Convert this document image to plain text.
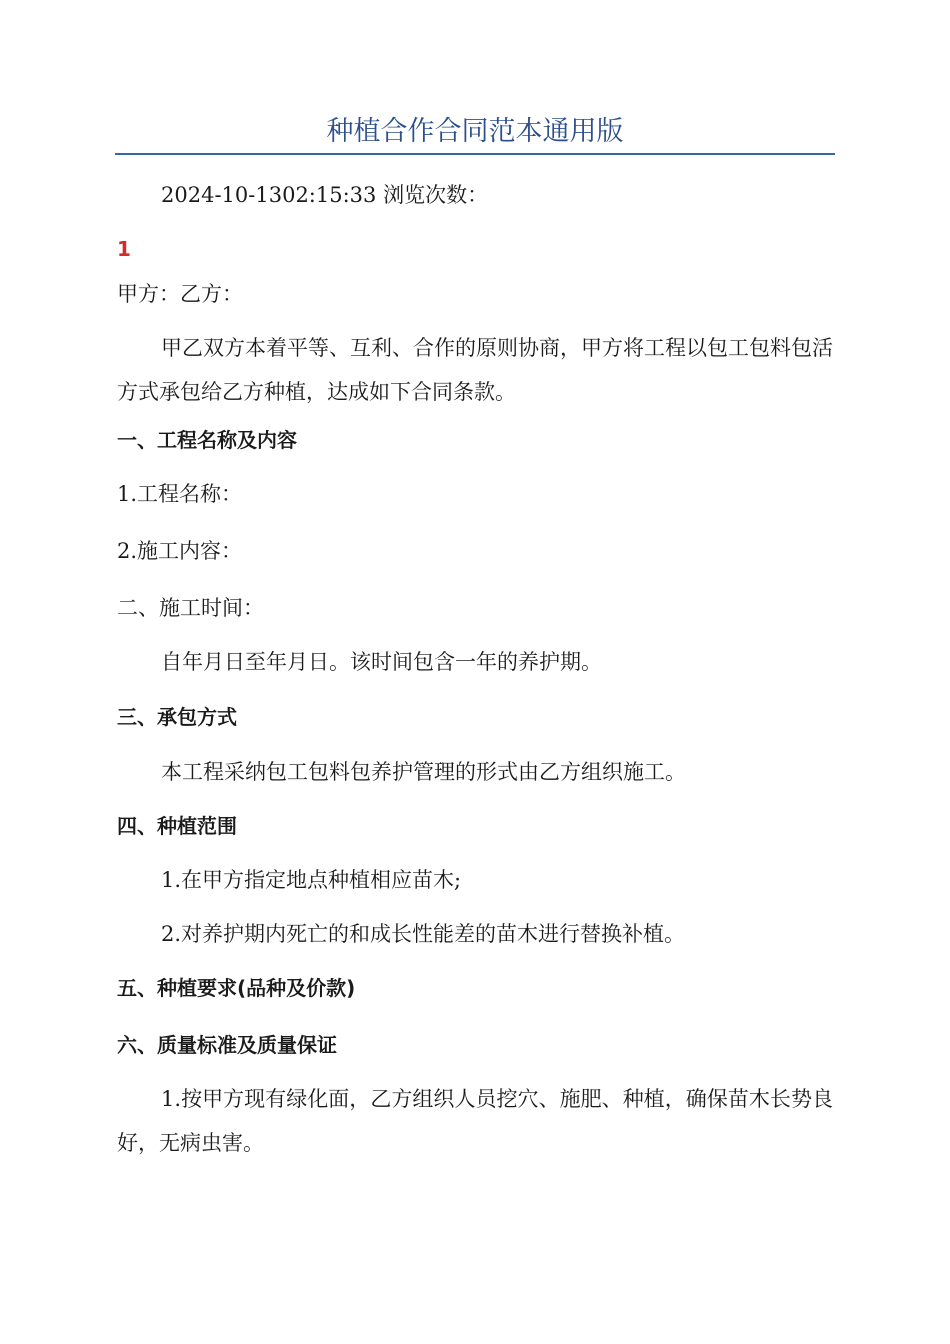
种植合作合同范本通用版
2024-10-1302:15:33 浏览次数：
1
甲方：乙方：
甲乙双方本着平等、互利、合作的原则协商，甲方将工程以包工包料包活方式承包给乙方种植，达成如下合同条款。
一、工程名称及内容
1.工程名称：
2.施工内容：
二、施工时间：
自年月日至年月日。该时间包含一年的养护期。
三、承包方式
本工程采纳包工包料包养护管理的形式由乙方组织施工。
四、种植范围
1.在甲方指定地点种植相应苗木;
2.对养护期内死亡的和成长性能差的苗木进行替换补植。
五、种植要求(品种及价款)
六、质量标准及质量保证
1.按甲方现有绿化面，乙方组织人员挖穴、施肥、种植，确保苗木长势良好，无病虫害。
